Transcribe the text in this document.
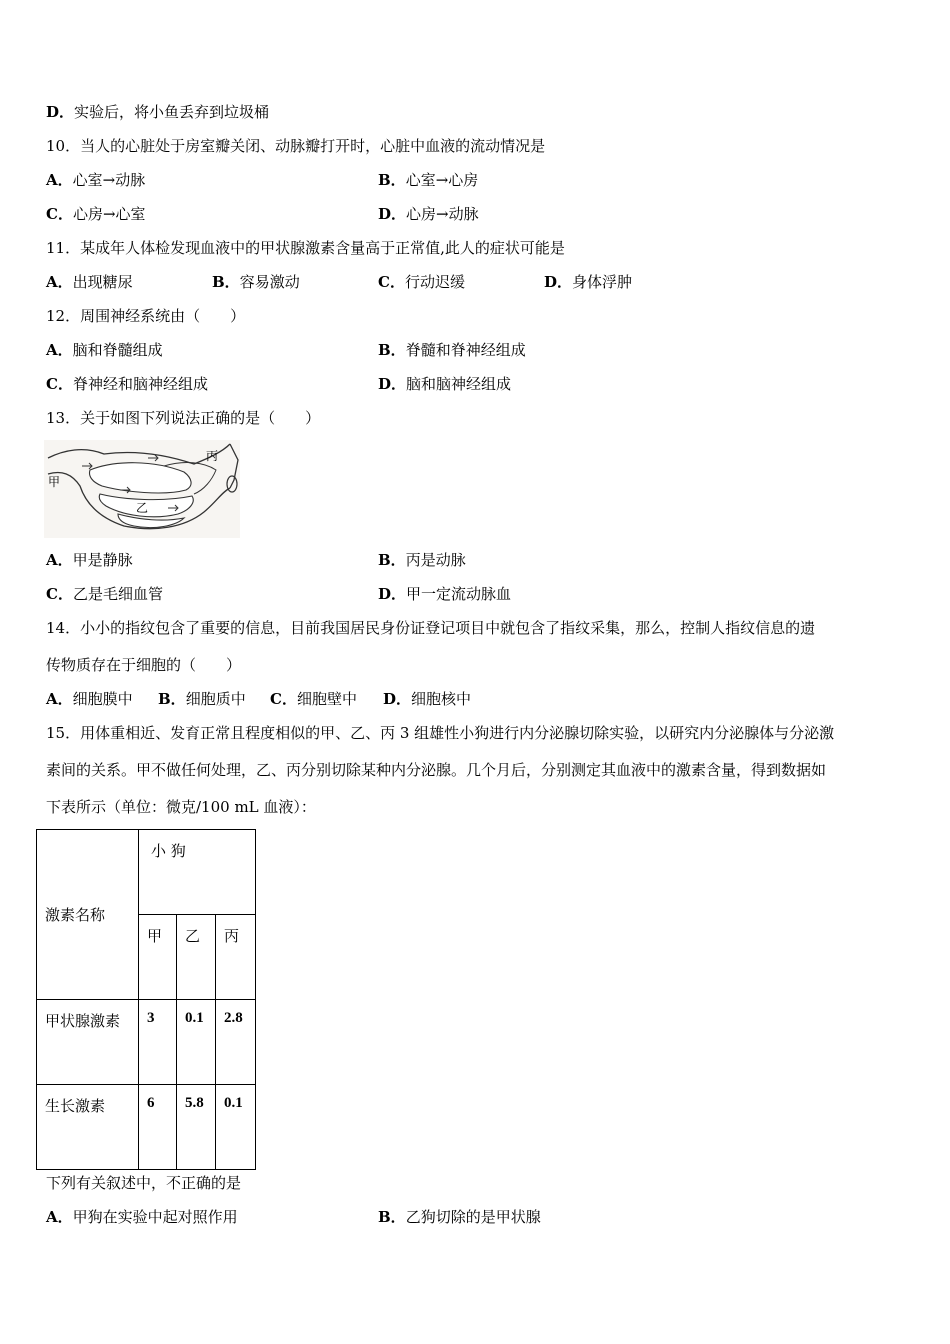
D．实验后，将小鱼丢弃到垃圾桶
10．当人的心脏处于房室瓣关闭、动脉瓣打开时，心脏中血液的流动情况是
A．心室→动脉	B．心室→心房
C．心房→心室	D．心房→动脉
11．某成年人体检发现血液中的甲状腺激素含量高于正常值,此人的症状可能是
A．出现糖尿	B．容易激动	C．行动迟缓	D．身体浮肿
12．周围神经系统由（　　）
A．脑和脊髓组成	B．脊髓和脊神经组成
C．脊神经和脑神经组成	D．脑和脑神经组成
13．关于如图下列说法正确的是（　　）
甲
乙
丙
A．甲是静脉	B．丙是动脉
C．乙是毛细血管	D．甲一定流动脉血
14．小小的指纹包含了重要的信息，目前我国居民身份证登记项目中就包含了指纹采集，那么，控制人指纹信息的遗
传物质存在于细胞的（　　）
A．细胞膜中 B．细胞质中 C．细胞壁中 D．细胞核中
15．用体重相近、发育正常且程度相似的甲、乙、丙 3 组雄性小狗进行内分泌腺切除实验，以研究内分泌腺体与分泌激
素间的关系。甲不做任何处理，乙、丙分别切除某种内分泌腺。几个月后，分别测定其血液中的激素含量，得到数据如
下表所示（单位：微克/100 mL 血液）：
激素名称	小 狗		

	甲	乙	丙

甲状腺激素	3	0.1	2.8

生长激素	6	5.8	0.1
下列有关叙述中，不正确的是
A．甲狗在实验中起对照作用	B．乙狗切除的是甲状腺
